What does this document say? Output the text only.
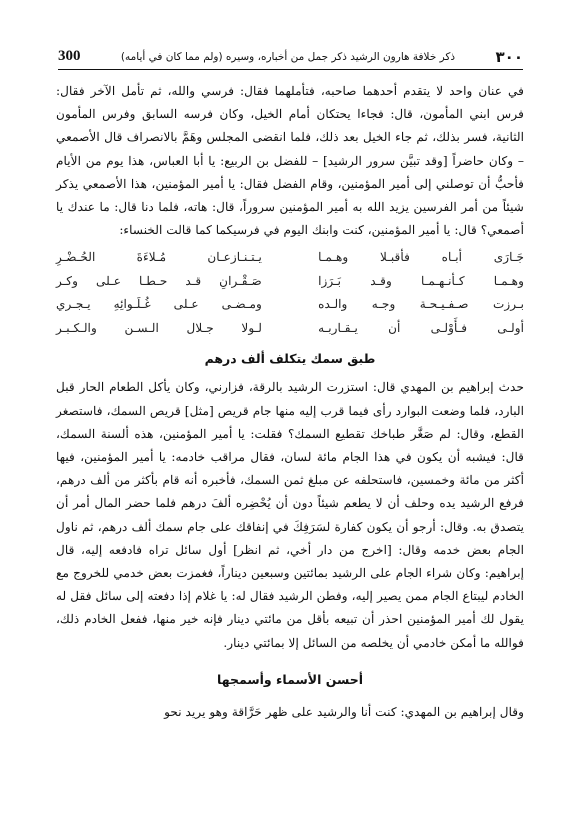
300	ذكر خلافة هارون الرشيد ذكر جمل من أخباره، وسيره (ولم مما كان في أيامه)	٣٠٠

في عنان واحد لا يتقدم أحدهما صاحبه، فتأملهما فقال: فرسي والله، ثم تأمل الآخر فقال: فرس ابني المأمون، قال: فجاءا يحتكان أمام الخيل، وكان فرسه السابق وفرس المأمون الثانية، فسر بذلك، ثم جاء الخيل بعد ذلك، فلما انقضى المجلس وهَمَّ بالانصراف قال الأصمعي – وكان حاضراً [وقد تبيَّن سرور الرشيد] – للفضل بن الربيع: يا أبا العباس، هذا يوم من الأيام فأحبُّ أن توصلني إلى أمير المؤمنين، وقام الفضل فقال: يا أمير المؤمنين، هذا الأصمعي يذكر شيئاً من أمر الفرسين يزيد الله به أمير المؤمنين سروراً، قال: هاته، فلما دنا قال: ما عندك يا أصمعي؟ قال: يا أمير المؤمنين، كنت وابنك اليوم في فرسيكما كما قالت الخنساء:

جَـارَى أبـاه فأقبـلا وهـمـا
يـتـنـازعـان مُـلاءَةَ الحُـضْـرِ
وهـمـا كـأنـهـمـا وقـد بَـرَزا
صَـقْـرانِ قـد حـطـا عـلى وكـر
بـرزت صـفـيـحـة وجـه والـده
ومـضـى عـلى غُـلَـوائِهِ يـجـري
أولـى فـأَوْلـى أن يـقـاربـه
لـولا جـلال الـسـن والـكـبـر
طبق سمك يتكلف ألف درهم

حدث إبراهيم بن المهدي قال: استزرت الرشيد بالرقة، فزارني، وكان يأكل الطعام الحار قبل البارد، فلما وضعت البوارد رأى فيما قرب إليه منها جام قريص [مثل] قريص السمك، فاستصغر القطع، وقال: لم صَغَّر طباخك تقطيع السمك؟ فقلت: يا أمير المؤمنين، هذه ألسنة السمك، قال: فيشبه أن يكون في هذا الجام مائة لسان، فقال مراقب خادمه: يا أمير المؤمنين، فيها أكثر من مائة وخمسين، فاستحلفه عن مبلغ ثمن السمك، فأخبره أنه قام بأكثر من ألف درهم، فرفع الرشيد يده وحلف أن لا يطعم شيئاً دون أن يُحْضِره ألفَ درهم فلما حضر المال أمر أن يتصدق به. وقال: أرجو أن يكون كفارة لسَرَفِكَ في إنفاقك على جام سمك ألف درهم، ثم ناول الجام بعض خدمه وقال: [اخرج من دار أخي، ثم انظر] أول سائل تراه فادفعه إليه، قال إبراهيم: وكان شراء الجام على الرشيد بمائتين وسبعين ديناراً، فغمزت بعض خدمي للخروج مع الخادم ليبتاع الجام ممن يصير إليه، وفطن الرشيد فقال له: يا غلام إذا دفعته إلى سائل فقل له يقول لك أمير المؤمنين احذر أن تبيعه بأقل من مائتي دينار فإنه خير منها، ففعل الخادم ذلك، فوالله ما أمكن خادمي أن يخلصه من السائل إلا بمائتي دينار.

أحسن الأسماء وأسمجها

وقال إبراهيم بن المهدي: كنت أنا والرشيد على ظهر حَرَّاقة وهو يريد نحو
